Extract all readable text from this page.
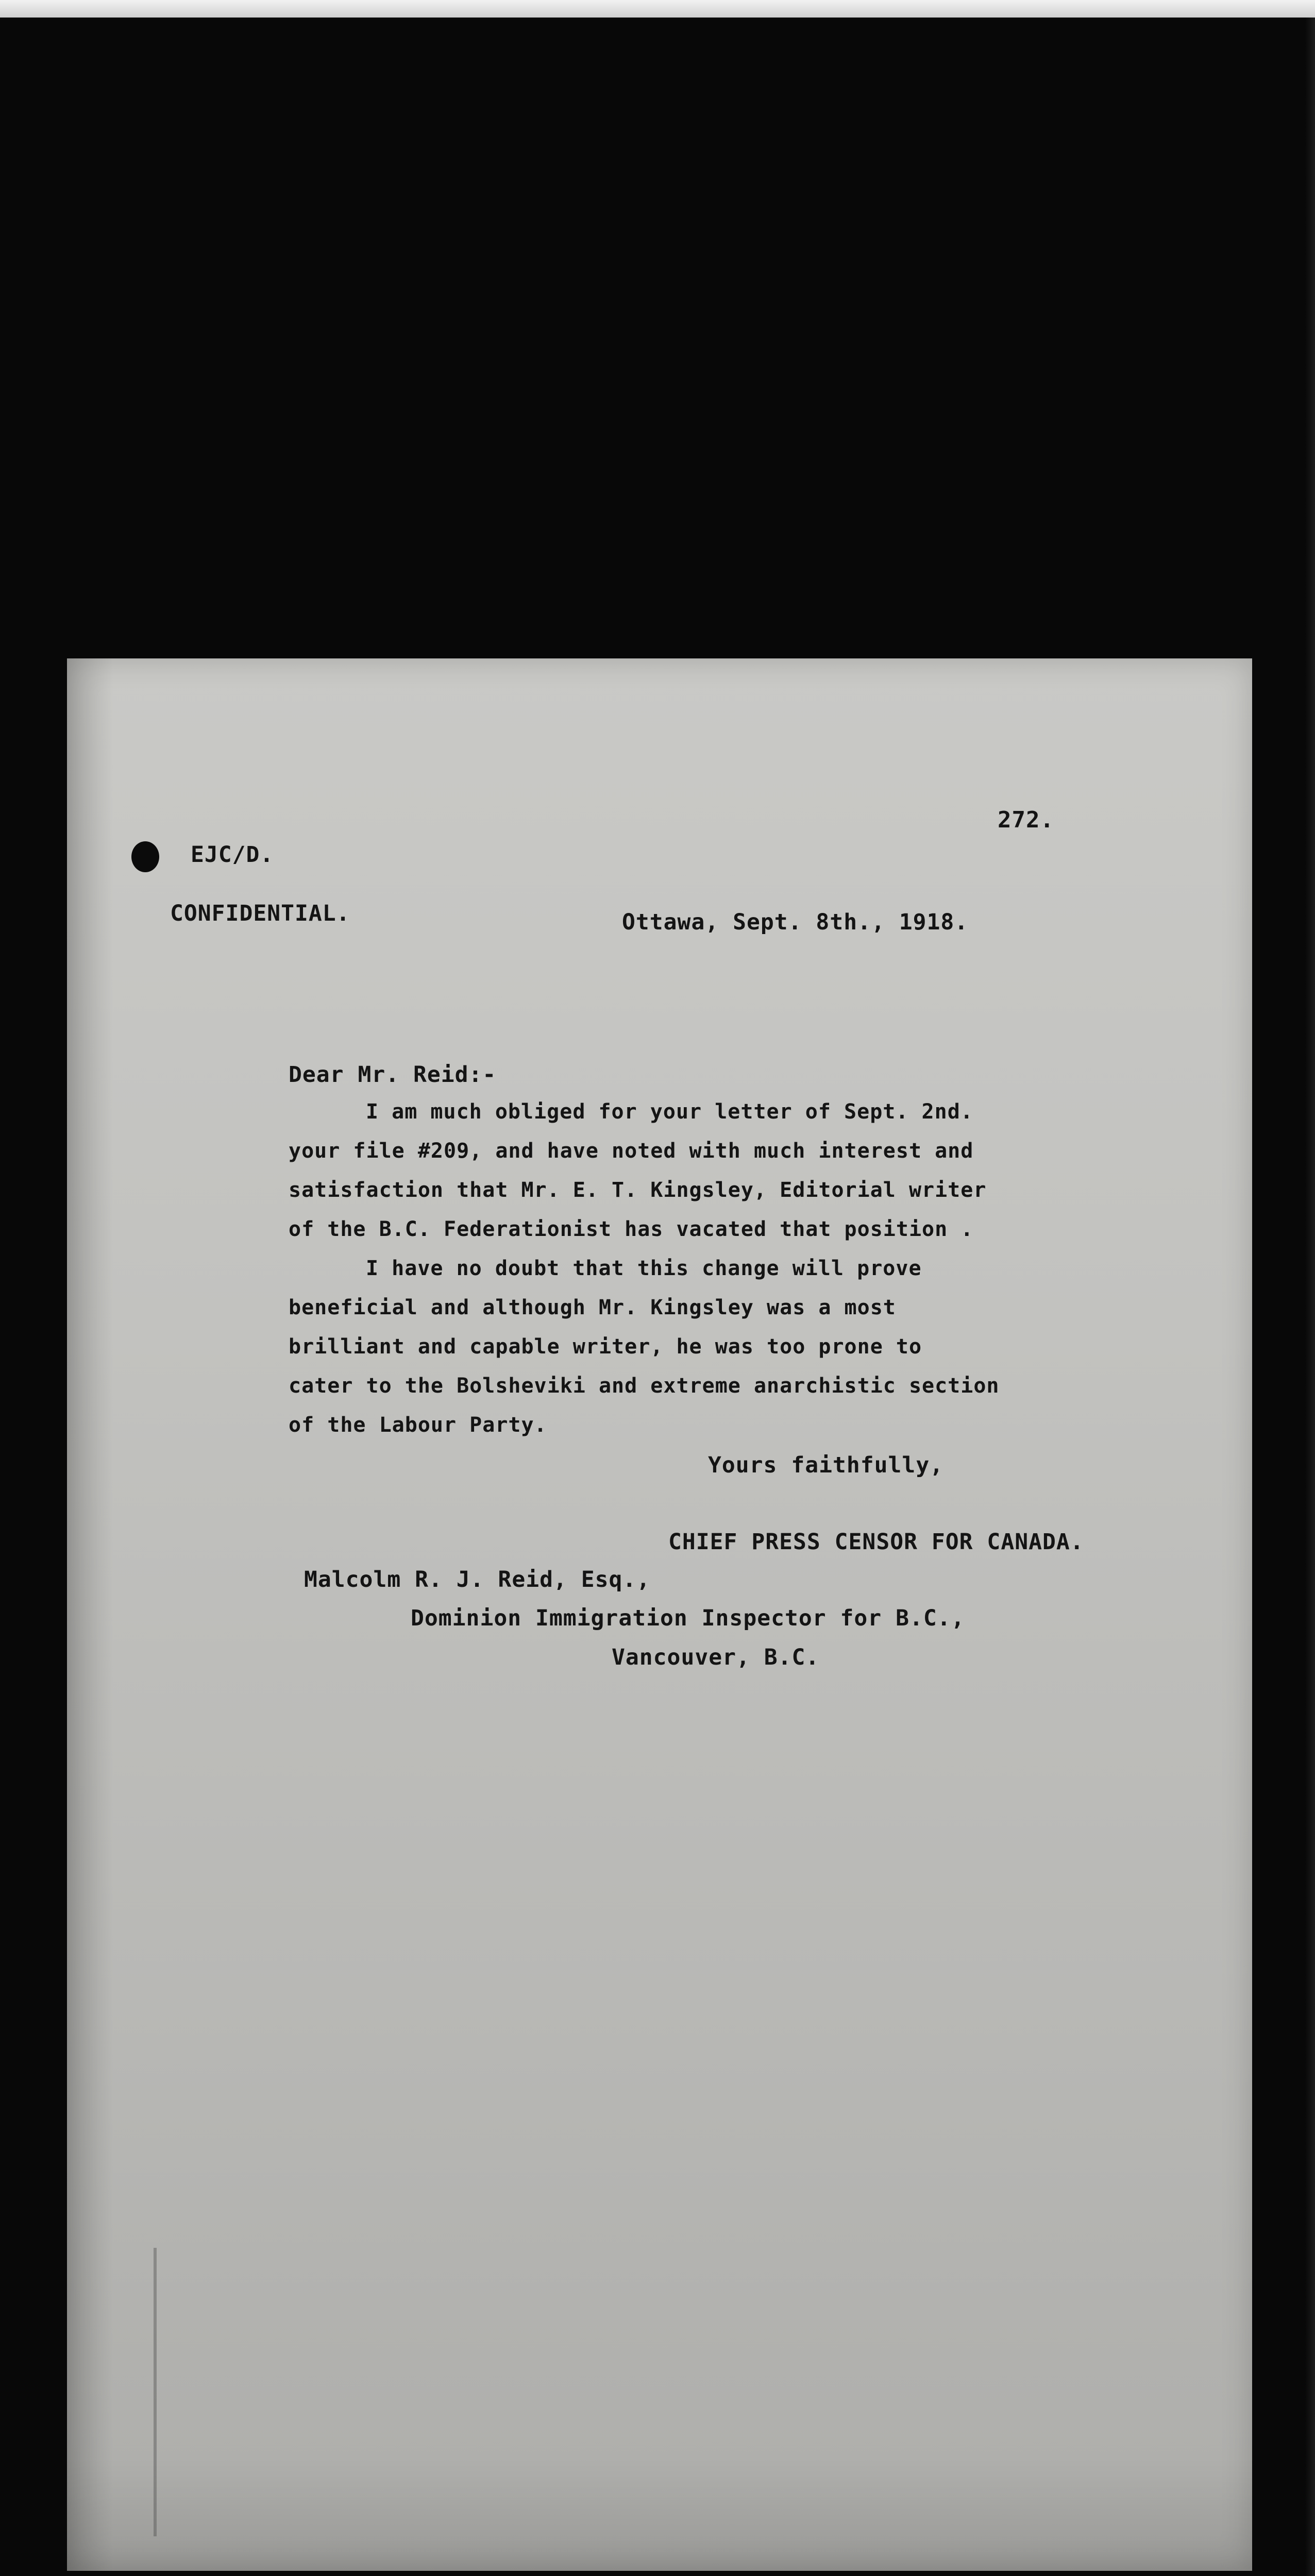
272.
EJC/D.
CONFIDENTIAL.	Ottawa, Sept. 8th., 1918.
Dear Mr. Reid:-
I am much obliged for your letter of Sept. 2nd.
your file #209, and have noted with much interest and
satisfaction that Mr. E. T. Kingsley, Editorial writer
of the B.C. Federationist has vacated that position .
I have no doubt that this change will prove
beneficial and although Mr. Kingsley was a most
brilliant and capable writer, he was too prone to
cater to the Bolsheviki and extreme anarchistic section
of the Labour Party.
Yours faithfully,
CHIEF PRESS CENSOR FOR CANADA.
Malcolm R. J. Reid, Esq.,
Dominion Immigration Inspector for B.C.,
Vancouver, B.C.
